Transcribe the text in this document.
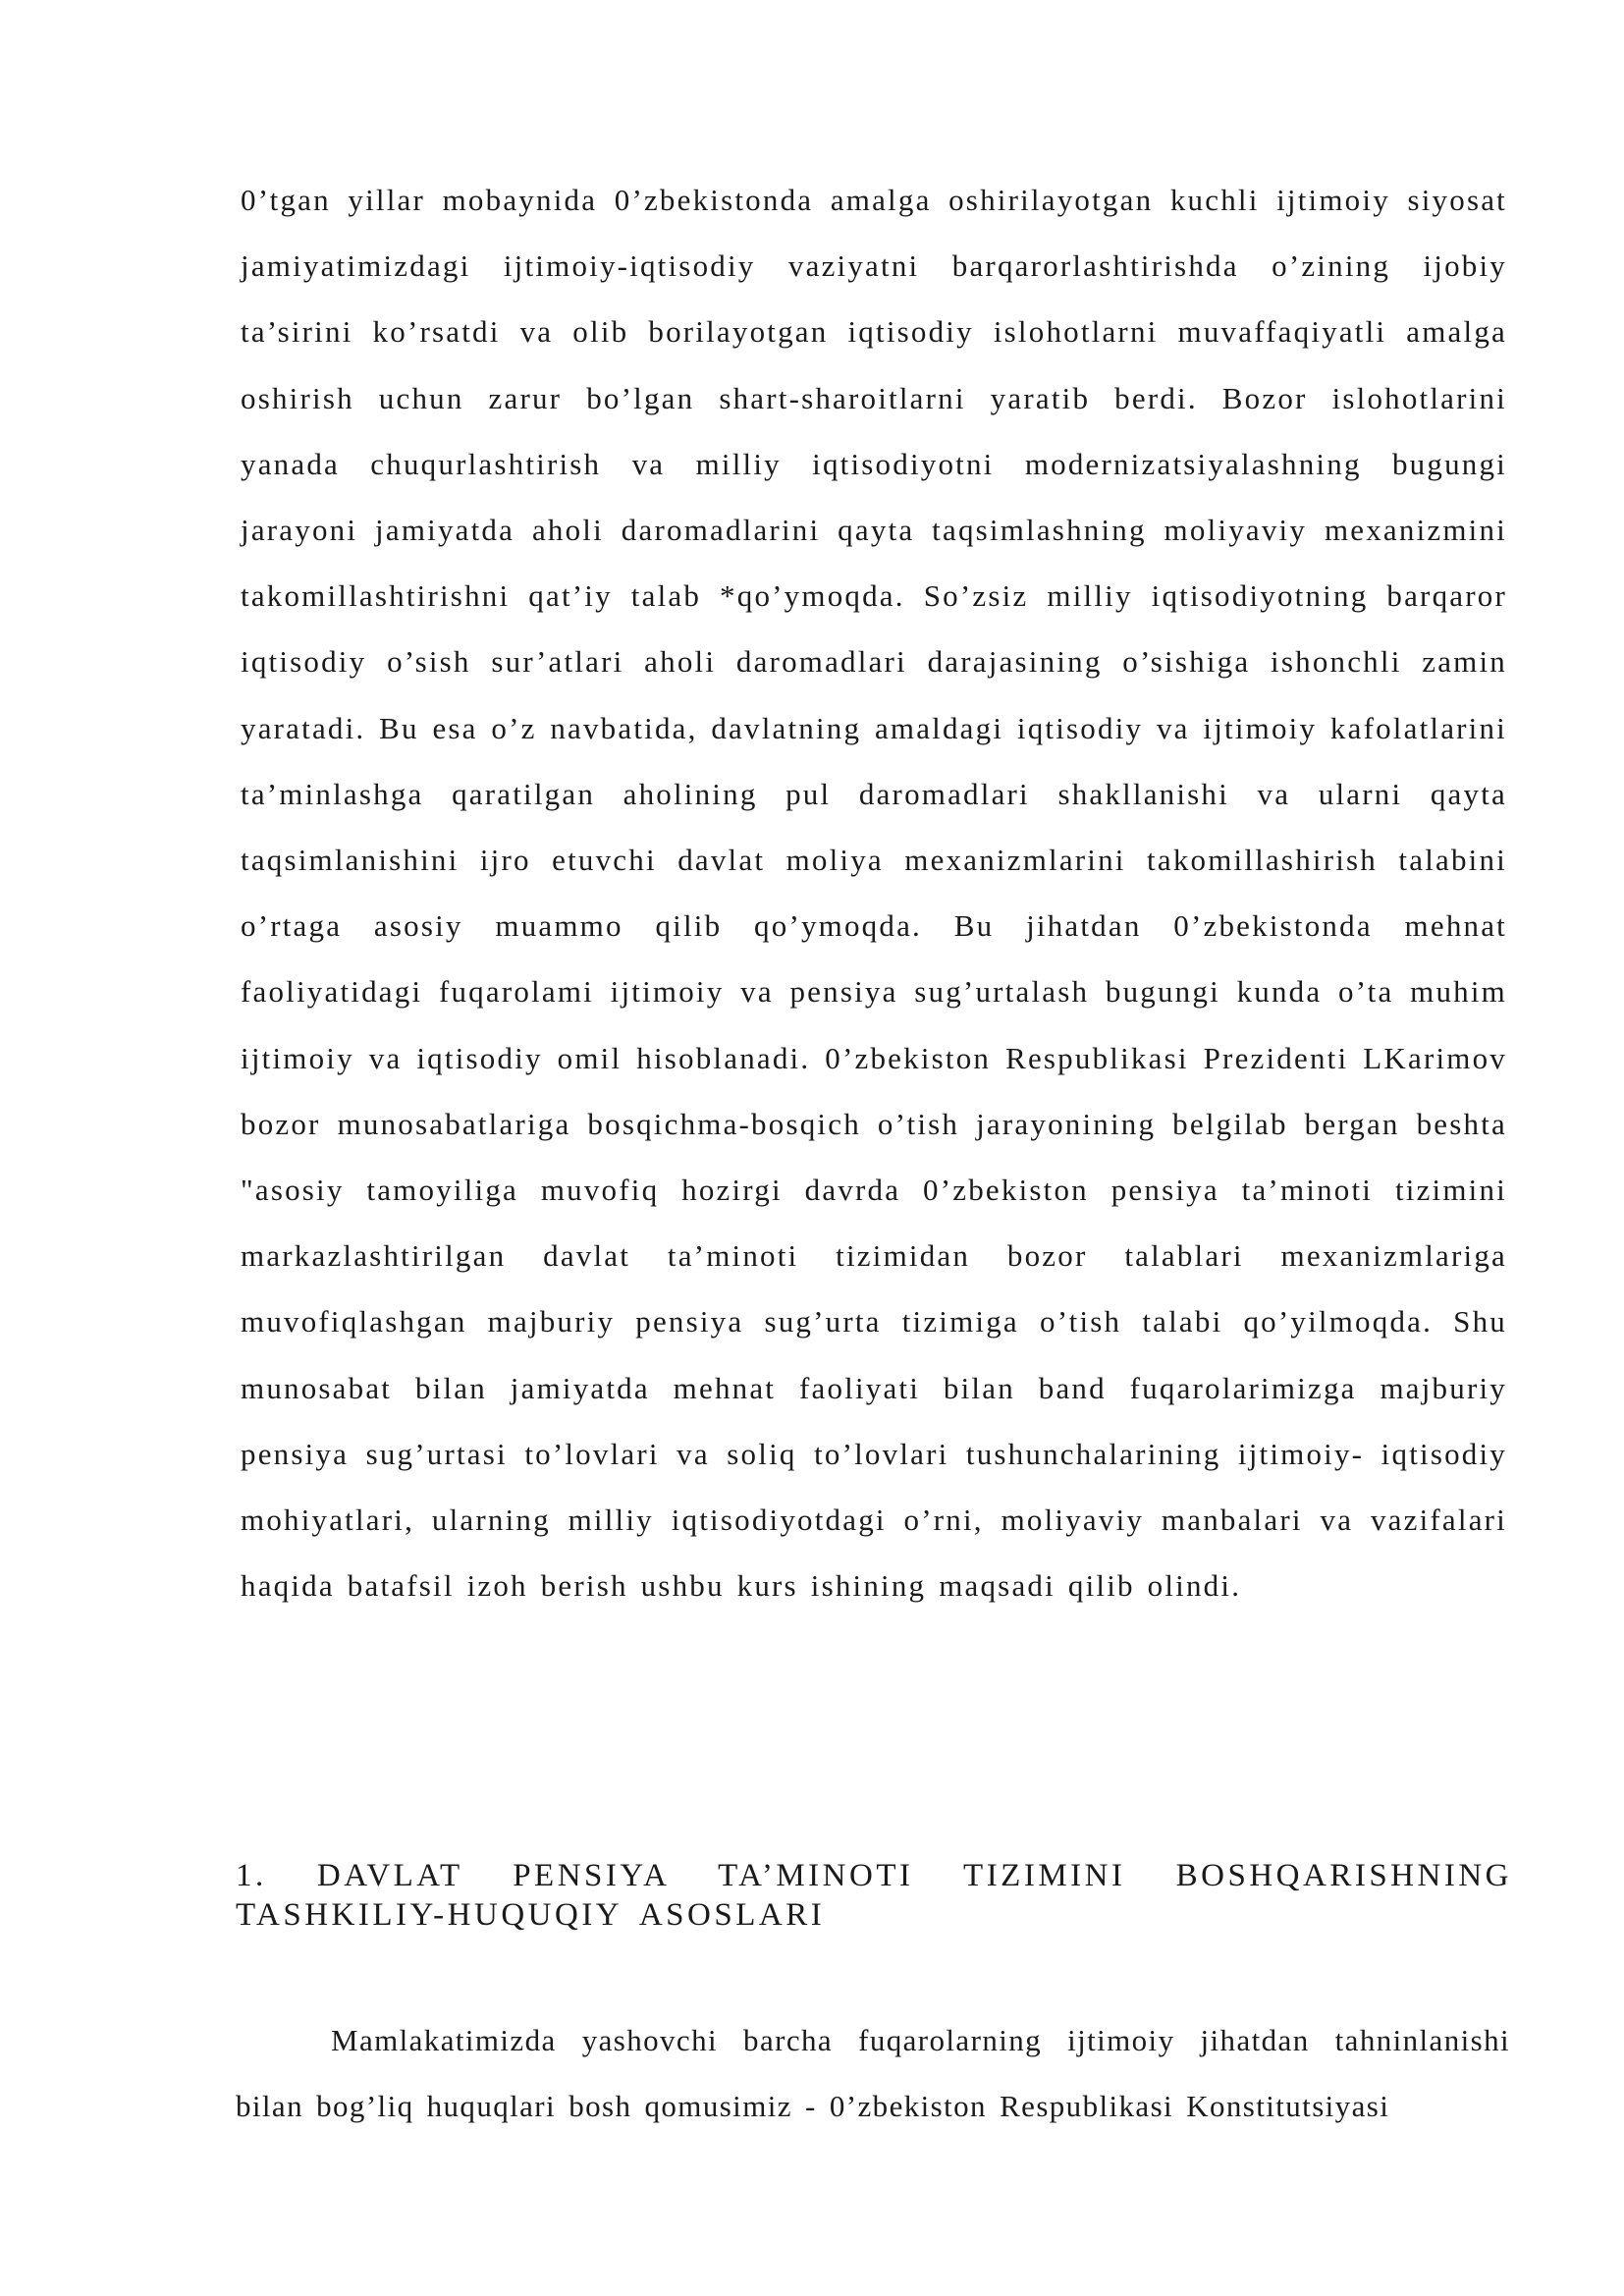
0’tgan yillar mobaynida 0’zbekistonda amalga oshirilayotgan kuchli ijtimoiy siyosat jamiyatimizdagi ijtimoiy-iqtisodiy vaziyatni barqarorlashtirishda o’zining ijobiy ta’sirini ko’rsatdi va olib borilayotgan iqtisodiy islohotlarni muvaffaqiyatli amalga oshirish uchun zarur bo’lgan shart-sharoitlarni yaratib berdi. Bozor islohotlarini yanada chuqurlashtirish va milliy iqtisodiyotni modernizatsiyalashning bugungi jarayoni jamiyatda aholi daromadlarini qayta taqsimlashning moliyaviy mexanizmini takomillashtirishni qat’iy talab *qo’ymoqda. So’zsiz milliy iqtisodiyotning barqaror iqtisodiy o’sish sur’atlari aholi daromadlari darajasining o’sishiga ishonchli zamin yaratadi. Bu esa o’z navbatida, davlatning amaldagi iqtisodiy va ijtimoiy kafolatlarini ta’minlashga qaratilgan aholining pul daromadlari shakllanishi va ularni qayta taqsimlanishini ijro etuvchi davlat moliya mexanizmlarini takomillashirish talabini o’rtaga asosiy muammo qilib qo’ymoqda. Bu jihatdan 0’zbekistonda mehnat faoliyatidagi fuqarolami ijtimoiy va pensiya sug’urtalash bugungi kunda o’ta muhim ijtimoiy va iqtisodiy omil hisoblanadi. 0’zbekiston Respublikasi Prezidenti LKarimov bozor munosabatlariga bosqichma-bosqich o’tish jarayonining belgilab bergan beshta "asosiy tamoyiliga muvofiq hozirgi davrda 0’zbekiston pensiya ta’minoti tizimini markazlashtirilgan davlat ta’minoti tizimidan bozor talablari mexanizmlariga muvofiqlashgan majburiy pensiya sug’urta tizimiga o’tish talabi qo’yilmoqda. Shu munosabat bilan jamiyatda mehnat faoliyati bilan band fuqarolarimizga majburiy pensiya sug’urtasi to’lovlari va soliq to’lovlari tushunchalarining ijtimoiy- iqtisodiy mohiyatlari, ularning milliy iqtisodiyotdagi o’rni, moliyaviy manbalari va vazifalari haqida batafsil izoh berish ushbu kurs ishining maqsadi qilib olindi.

1. DAVLAT PENSIYA TA’MINOTI TIZIMINI BOSHQARISHNING TASHKILIY-HUQUQIY ASOSLARI

Mamlakatimizda yashovchi barcha fuqarolarning ijtimoiy jihatdan tahninlanishi bilan bog’liq huquqlari bosh qomusimiz - 0’zbekiston Respublikasi Konstitutsiyasi
